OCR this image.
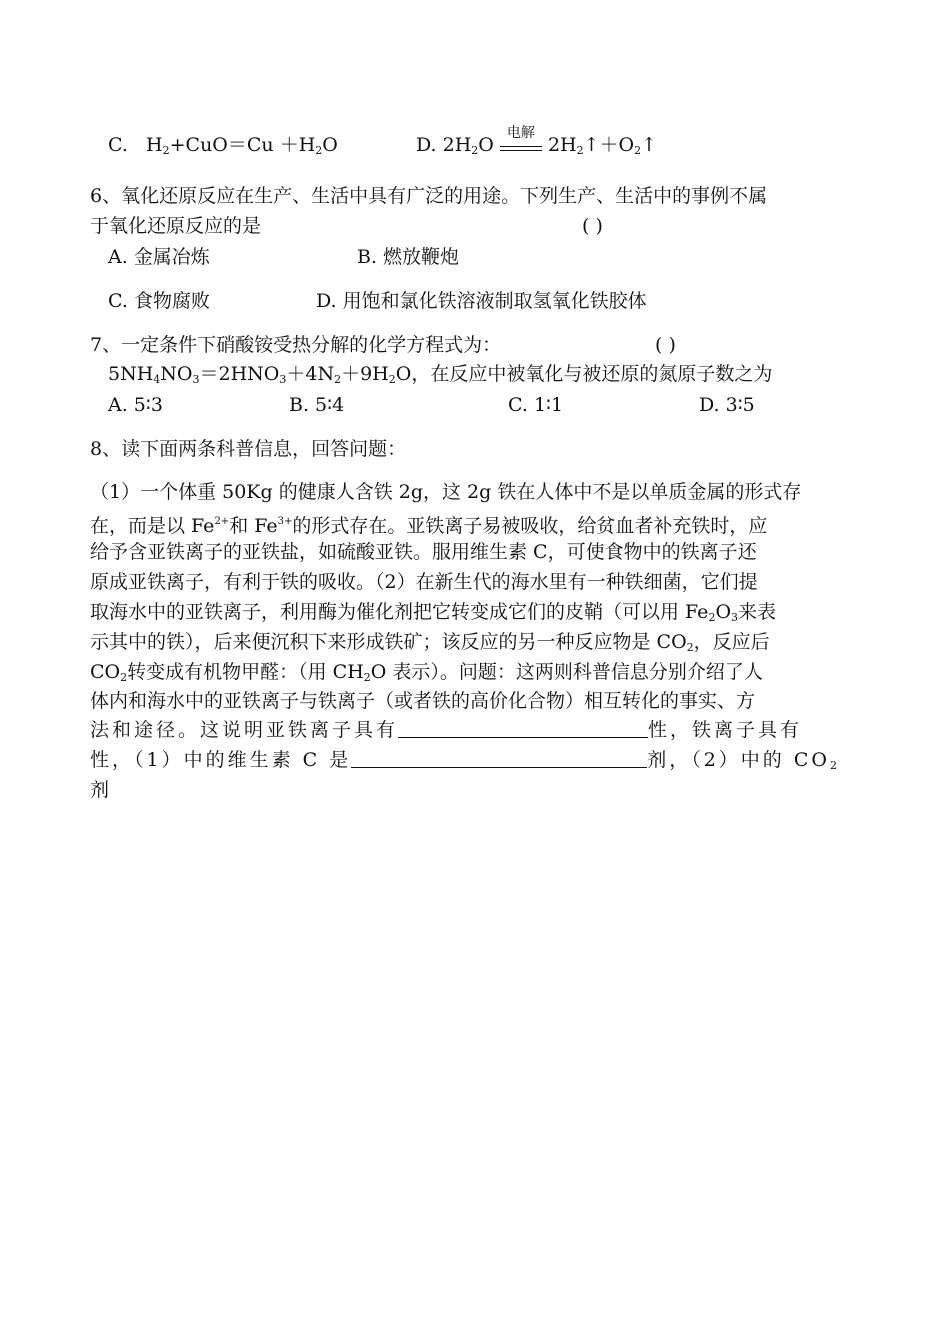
C. $H_2+CuO=Cu +H_2O$	D. $2H_2O$
电解
$2H_2↑+O_2↑$
6、氧化还原反应在生产、生活中具有广泛的用途。下列生产、生活中的事例不属
于氧化还原反应的是	( )
A. 金属冶炼	B. 燃放鞭炮
C. 食物腐败	D. 用饱和氯化铁溶液制取氢氧化铁胶体
7、一定条件下硝酸铵受热分解的化学方程式为：	( )
$5NH_4NO_3=2HNO_3+4N_2+9H_2O$，在反应中被氧化与被还原的氮原子数之为
A. 5∶3	B. 5∶4	C. 1∶1	D. 3∶5
8、读下面两条科普信息，回答问题：
（1）一个体重 50Kg 的健康人含铁 2g，这 2g 铁在人体中不是以单质金属的形式存
在，而是以 $Fe^{2+}$和 $Fe^{3+}$的形式存在。亚铁离子易被吸收，给贫血者补充铁时，应
给予含亚铁离子的亚铁盐，如硫酸亚铁。服用维生素 C，可使食物中的铁离子还
原成亚铁离子，有利于铁的吸收。（2）在新生代的海水里有一种铁细菌，它们提
取海水中的亚铁离子，利用酶为催化剂把它转变成它们的皮鞘（可以用 $Fe_2O_3$来表
示其中的铁），后来便沉积下来形成铁矿；该反应的另一种反应物是 $CO_2$，反应后
$CO_2$转变成有机物甲醛：（用 $CH_2O$ 表示）。问题：这两则科普信息分别介绍了人
体内和海水中的亚铁离子与铁离子（或者铁的高价化合物）相互转化的事实、方
法和途径。这说明亚铁离子具有	性，铁离子具有
性，（1）中的维生素 C 是	剂，（2）中的 $CO_2$
剂
